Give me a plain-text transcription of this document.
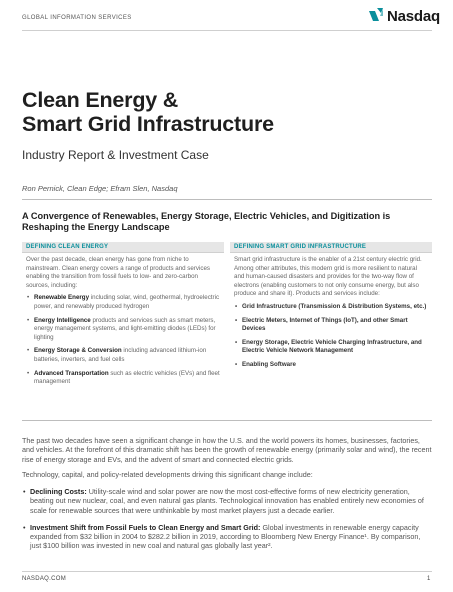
GLOBAL INFORMATION SERVICES	Nasdaq
Clean Energy &
Smart Grid Infrastructure
Industry Report & Investment Case
Ron Pernick, Clean Edge; Efram Slen, Nasdaq
A Convergence of Renewables, Energy Storage, Electric Vehicles, and Digitization is Reshaping the Energy Landscape
DEFINING CLEAN ENERGY

Over the past decade, clean energy has gone from niche to mainstream. Clean energy covers a range of products and services enabling the transition from fossil fuels to low- and zero-carbon sources, including:

• Renewable Energy including solar, wind, geothermal, hydroelectric power, and renewably produced hydrogen
• Energy Intelligence products and services such as smart meters, energy management systems, and light-emitting diodes (LEDs) for lighting
• Energy Storage & Conversion including advanced lithium-ion batteries, inverters, and fuel cells
• Advanced Transportation such as electric vehicles (EVs) and fleet management
DEFINING SMART GRID INFRASTRUCTURE

Smart grid infrastructure is the enabler of a 21st century electric grid. Among other attributes, this modern grid is more resilient to natural and human-caused disasters and provides for the two-way flow of electrons (enabling customers to not only consume energy, but also produce and share it). Products and services include:

• Grid Infrastructure (Transmission & Distribution Systems, etc.)
• Electric Meters, Internet of Things (IoT), and other Smart Devices
• Energy Storage, Electric Vehicle Charging Infrastructure, and Electric Vehicle Network Management
• Enabling Software

The past two decades have seen a significant change in how the U.S. and the world powers its homes, businesses, factories, and vehicles. At the forefront of this dramatic shift has been the growth of renewable energy (primarily solar and wind), the recent rise of energy storage and EVs, and the advent of smart and connected electric grids.

Technology, capital, and policy-related developments driving this significant change include:

• Declining Costs: Utility-scale wind and solar power are now the most cost-effective forms of new electricity generation, beating out new nuclear, coal, and even natural gas plants. Technological innovation has enabled entirely new economies of scale for renewable sources that were unthinkable by most market players just a decade earlier.
• Investment Shift from Fossil Fuels to Clean Energy and Smart Grid: Global investments in renewable energy capacity expanded from $32 billion in 2004 to $282.2 billion in 2019, according to Bloomberg New Energy Finance¹. By comparison, just $100 billion was invested in new coal and natural gas globally last year².
NASDAQ.COM	1
